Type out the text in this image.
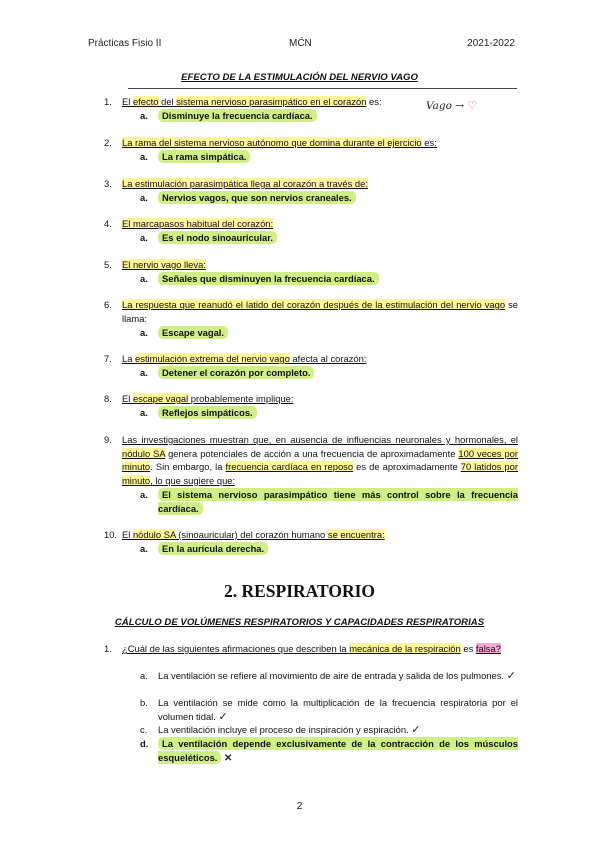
Prácticas Fisio II	MĆN	2021-2022
EFECTO DE LA ESTIMULACIÓN DEL NERVIO VAGO
Vago → ♡
1.	El efecto del sistema nervioso parasimpático en el corazón es:
a.	Disminuye la frecuencia cardíaca.
2.	La rama del sistema nervioso autónomo que domina durante el ejercicio es:
a.	La rama simpática.
3.	La estimulación parasimpática llega al corazón a través de:
a.	Nervios vagos, que son nervios craneales.
4.	El marcapasos habitual del corazón:
a.	Es el nodo sinoauricular.
5.	El nervio vago lleva:
a.	Señales que disminuyen la frecuencia cardíaca.
6.	La respuesta que reanudó el latido del corazón después de la estimulación del nervio vago se llama:
a.	Escape vagal.
7.	La estimulación extrema del nervio vago afecta al corazón:
a.	Detener el corazón por completo.
8.	El escape vagal probablemente implique:
a.	Reflejos simpáticos.
9.	Las investigaciones muestran que, en ausencia de influencias neuronales y hormonales, el nódulo SA genera potenciales de acción a una frecuencia de aproximadamente 100 veces por minuto. Sin embargo, la frecuencia cardíaca en reposo es de aproximadamente 70 latidos por minuto, lo que sugiere que:
a.	El sistema nervioso parasimpático tiene más control sobre la frecuencia cardíaca.
10. El nódulo SA (sinoauricular) del corazón humano se encuentra:
a.	En la aurícula derecha.
2. RESPIRATORIO
CÁLCULO DE VOLÚMENES RESPIRATORIOS Y CAPACIDADES RESPIRATORIAS
1.	¿Cuál de las siguientes afirmaciones que describen la mecánica de la respiración es falsa?
a. La ventilación se refiere al movimiento de aire de entrada y salida de los pulmones. ✓
b. La ventilación se mide como la multiplicación de la frecuencia respiratoria por el volumen tidal. ✓
c. La ventilación incluye el proceso de inspiración y espiración. ✓
d.	La ventilación depende exclusivamente de la contracción de los músculos esqueléticos. ✕
2
